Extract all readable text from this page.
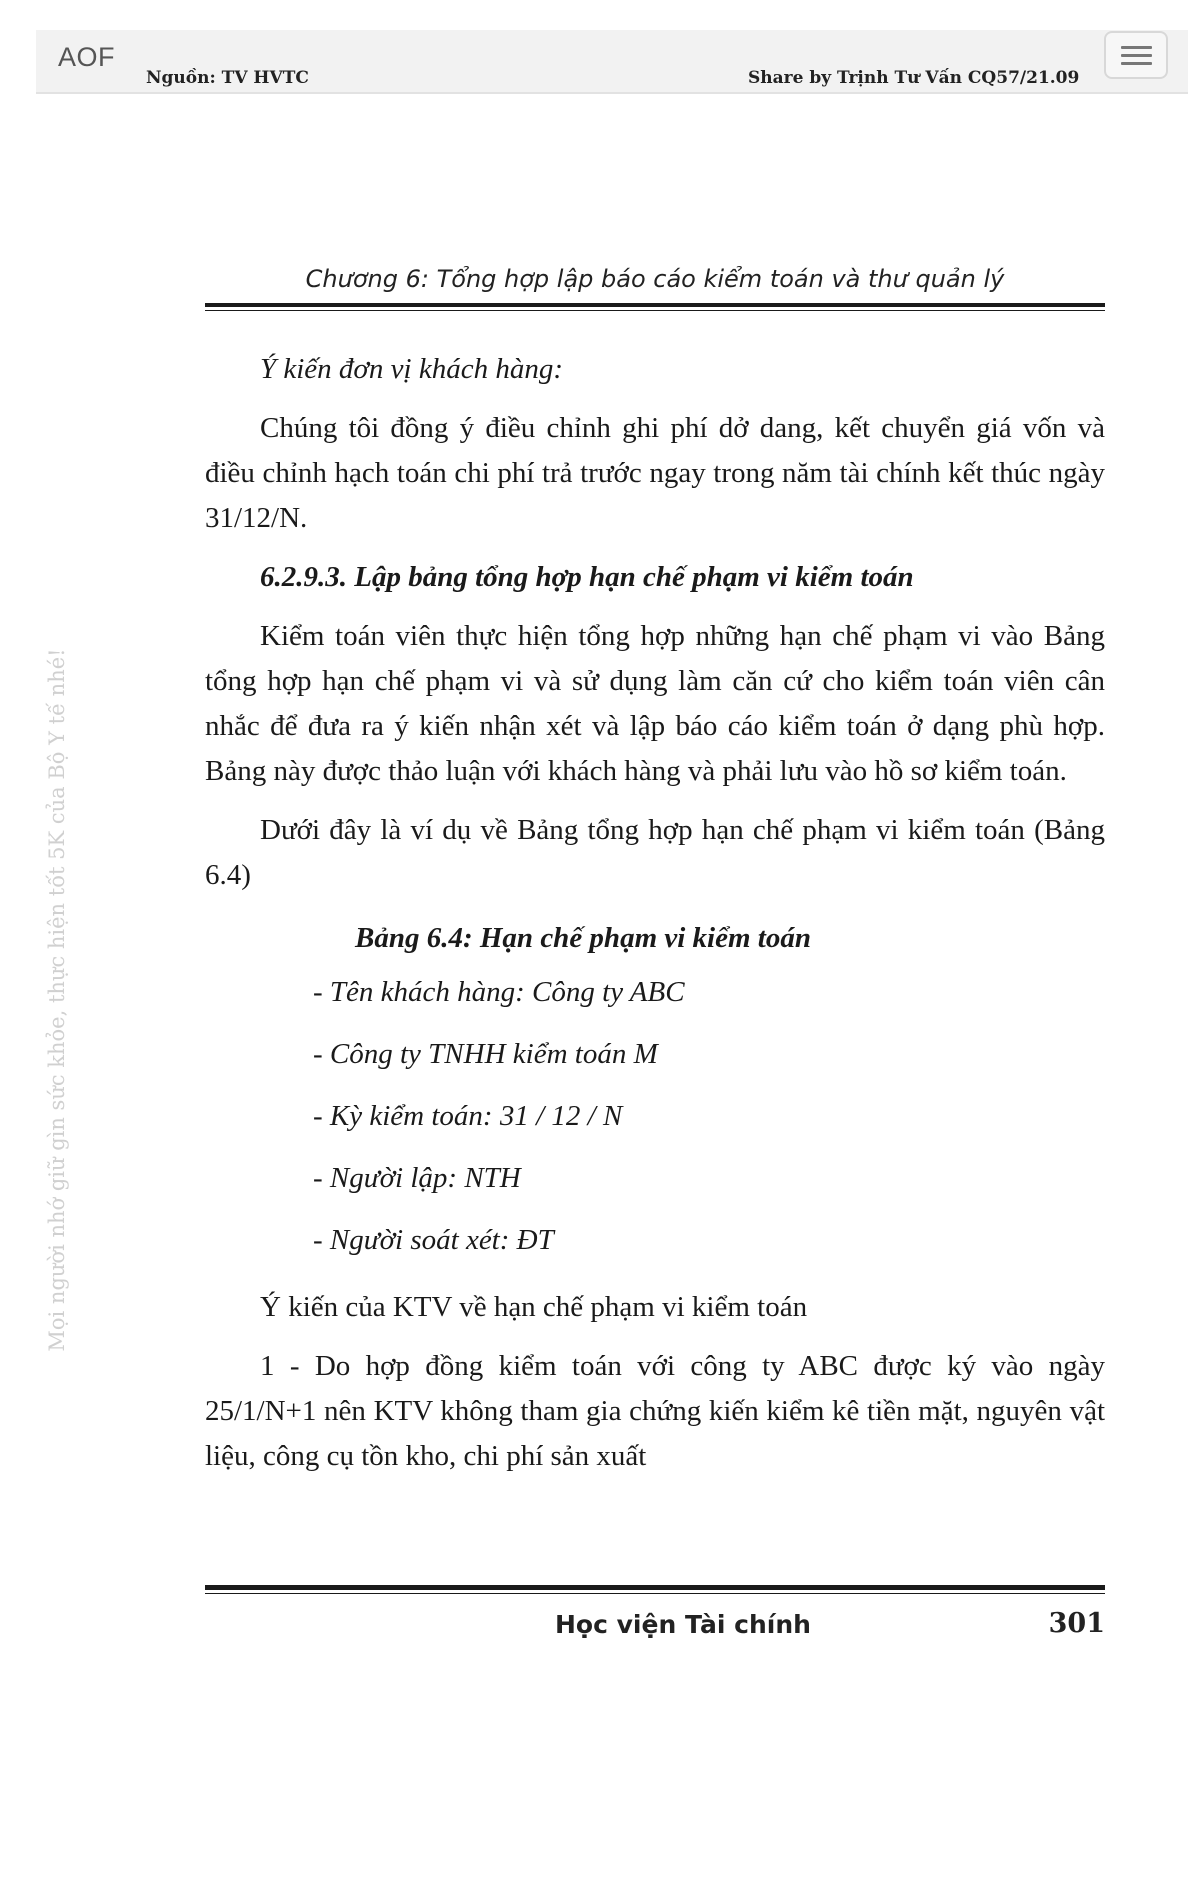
AOF
Nguồn: TV HVTC	Share by Trịnh Tư Vấn CQ57/21.09
Mọi người nhớ giữ gìn sức khỏe, thực hiện tốt 5K của Bộ Y tế nhé!
Chương 6: Tổng hợp lập báo cáo kiểm toán và thư quản lý

Ý kiến đơn vị khách hàng:

Chúng tôi đồng ý điều chỉnh ghi phí dở dang, kết chuyển giá vốn và điều chỉnh hạch toán chi phí trả trước ngay trong năm tài chính kết thúc ngày 31/12/N.

6.2.9.3. Lập bảng tổng hợp hạn chế phạm vi kiểm toán

Kiểm toán viên thực hiện tổng hợp những hạn chế phạm vi vào Bảng tổng hợp hạn chế phạm vi và sử dụng làm căn cứ cho kiểm toán viên cân nhắc để đưa ra ý kiến nhận xét và lập báo cáo kiểm toán ở dạng phù hợp. Bảng này được thảo luận với khách hàng và phải lưu vào hồ sơ kiểm toán.

Dưới đây là ví dụ về Bảng tổng hợp hạn chế phạm vi kiểm toán (Bảng 6.4)

Bảng 6.4: Hạn chế phạm vi kiểm toán
- Tên khách hàng: Công ty ABC
- Công ty TNHH kiểm toán M
- Kỳ kiểm toán: 31 / 12 / N
- Người lập: NTH
- Người soát xét: ĐT

Ý kiến của KTV về hạn chế phạm vi kiểm toán

1 - Do hợp đồng kiểm toán với công ty ABC được ký vào ngày 25/1/N+1 nên KTV không tham gia chứng kiến kiểm kê tiền mặt, nguyên vật liệu, công cụ tồn kho, chi phí sản xuất

Học viện Tài chính	301
